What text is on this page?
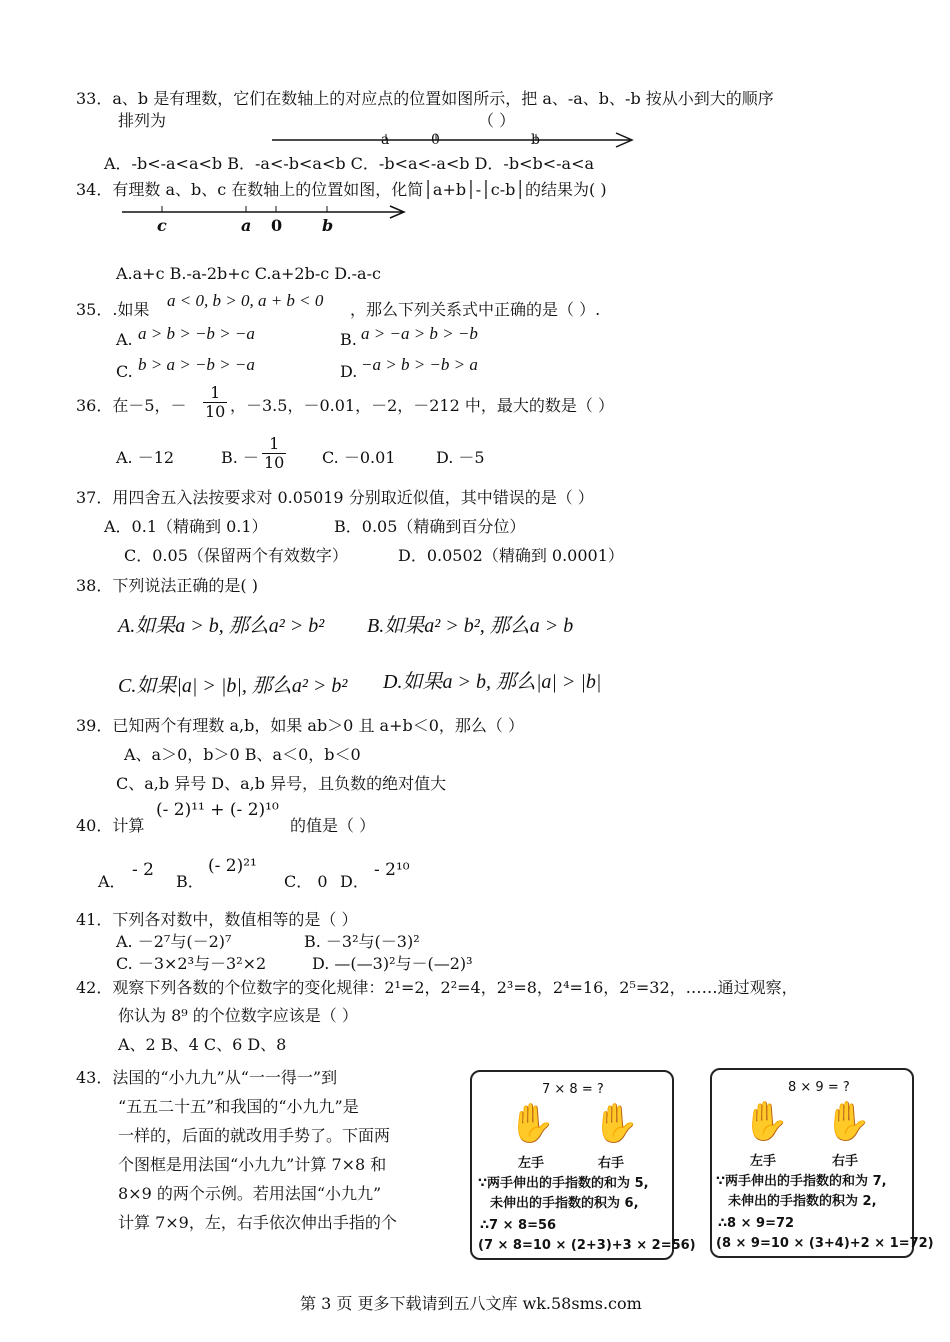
33．a、b 是有理数，它们在数轴上的对应点的位置如图所示，把 a、-a、b、-b 按从小到大的顺序
排列为	（ ）
a	0	b
A．-b<-a<a<b B．-a<-b<a<b C．-b<a<-a<b D．-b<b<-a<a
34．有理数 a、b、c 在数轴上的位置如图，化简│a+b│-│c-b│的结果为( )
c	a 0 b
A.a+c B.-a-2b+c C.a+2b-c D.-a-c
35．.如果 a < 0, b > 0, a + b < 0 ，那么下列关系式中正确的是（ ）.
A. a > b > −b > −a	B. a > −a > b > −b
C. b > a > −b > −a	D. −a > b > −b > a
36．在－5，－ $\frac{1}{10}$ ，－3.5，－0.01，－2，－212 中，最大的数是（ ）
A. －12	B. － $\frac{1}{10} C$. －0.01	D. －5
37．用四舍五入法按要求对 0.05019 分别取近似值，其中错误的是（ ）
A．0.1（精确到 0.1）	B．0.05（精确到百分位）
C．0.05（保留两个有效数字）	D．0.0502（精确到 0.0001）
38．下列说法正确的是( )
A.如果a > b, 那么a² > b² B.如果a² > b², 那么a > b
C.如果|a| > |b|, 那么a² > b² D.如果a > b, 那么|a| > |b|
39．已知两个有理数 a,b，如果 ab＞0 且 a+b＜0，那么（ ）
A、a＞0，b＞0 B、a＜0，b＜0
C、a,b 异号 D、a,b 异号，且负数的绝对值大
40．计算
(- 2)¹¹ + (- 2)¹⁰
的值是（ ）
A．
- 2
B．
(- 2)²¹
C． 0 D．
- 2¹⁰
41．下列各对数中，数值相等的是（ ）
A. －2⁷与(－2)⁷	B. －3²与(－3)²
C. －3×2³与－3²×2	D. —(—3)²与－(—2)³
42．观察下列各数的个位数字的变化规律：2¹=2，2²=4，2³=8，2⁴=16，2⁵=32，……通过观察，
你认为 8⁹ 的个位数字应该是（ ）
A、2 B、4 C、6 D、8
43．法国的“小九九”从“一一得一”到
“五五二十五”和我国的“小九九”是
一样的，后面的就改用手势了。下面两
个图框是用法国“小九九”计算 7×8 和
8×9 的两个示例。若用法国“小九九”
计算 7×9，左，右手依次伸出手指的个
7 × 8 = ?
✋ ✋
左手	右手
∵两手伸出的手指数的和为 5,
未伸出的手指数的积为 6,
∴7 × 8=56
(7 × 8=10 × (2+3)+3 × 2=56)
8 × 9 = ?
✋ ✋
左手	右手
∵两手伸出的手指数的和为 7,
未伸出的手指数的积为 2,
∴8 × 9=72
(8 × 9=10 × (3+4)+2 × 1=72)
第 3 页 更多下载请到五八文库 wk.58sms.com
